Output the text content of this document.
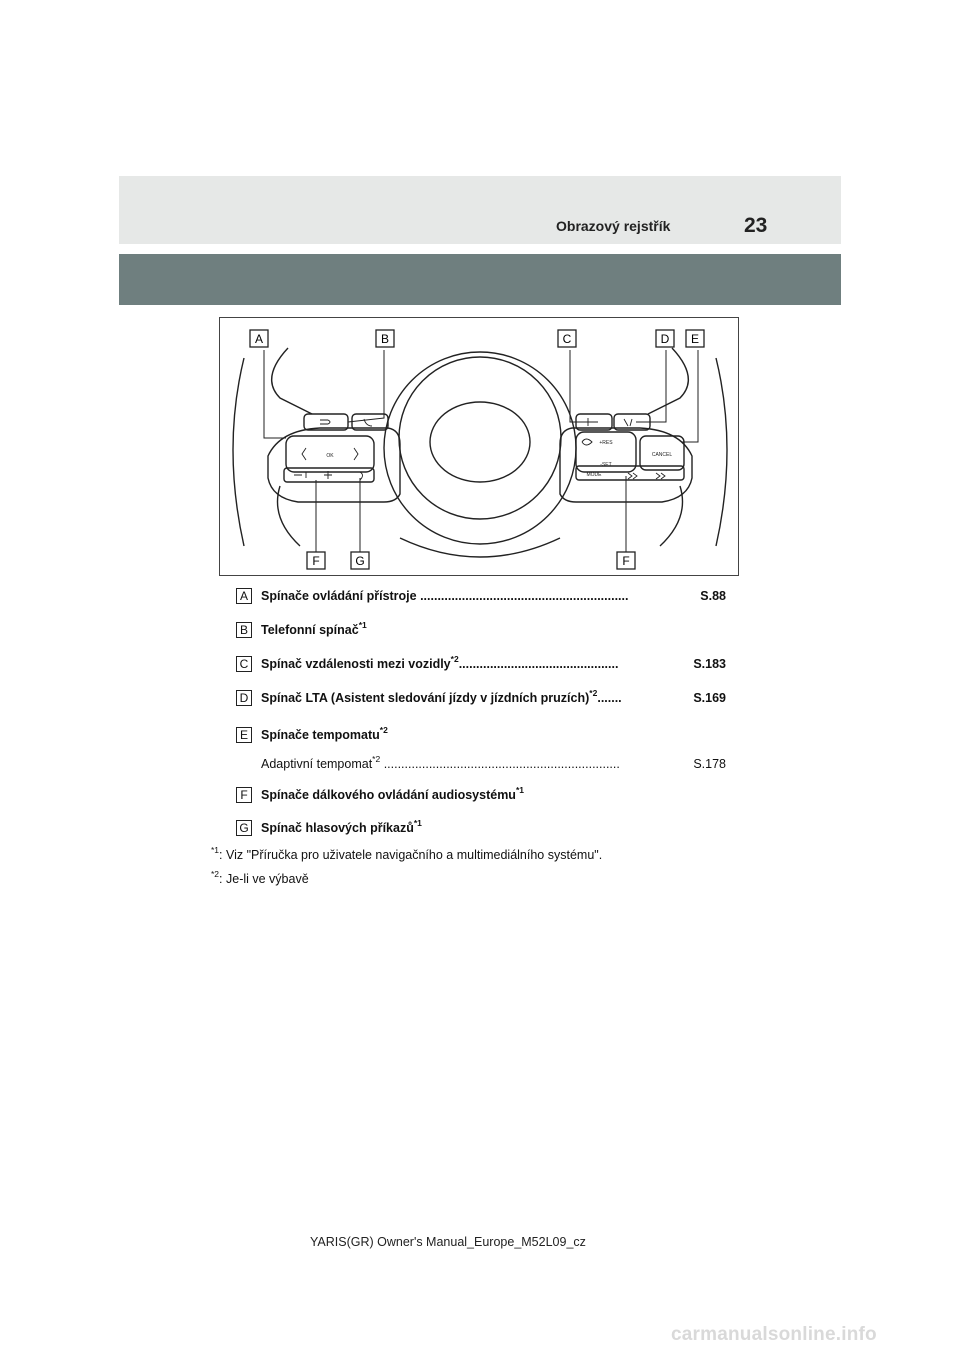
Obrazový rejstřík	23
A	B	C	D E
F	G	F
OK
+RES
-SET
CANCEL
MODE
A	Spínače ovládání přístroje ............................................................	S.88
B	Telefonní spínač$^{*1}$
C Spínač vzdálenosti mezi vozidly$^{*2}$..............................................	S.183
D Spínač LTA (Asistent sledování jízdy v jízdních pruzích)$^{*2}$.......	S.169
E	Spínače tempomatu$^{*2}$
Adaptivní tempomat$^{*2}$ ....................................................................	S.178
F	Spínače dálkového ovládání audiosystému$^{*1}$
G Spínač hlasových příkazů$^{*1}$
$^{*1}$: Viz "Příručka pro uživatele navigačního a multimediálního systému".
$^{*2}$: Je-li ve výbavě
YARIS(GR) Owner's Manual_Europe_M52L09_cz
carmanualsonline.info
